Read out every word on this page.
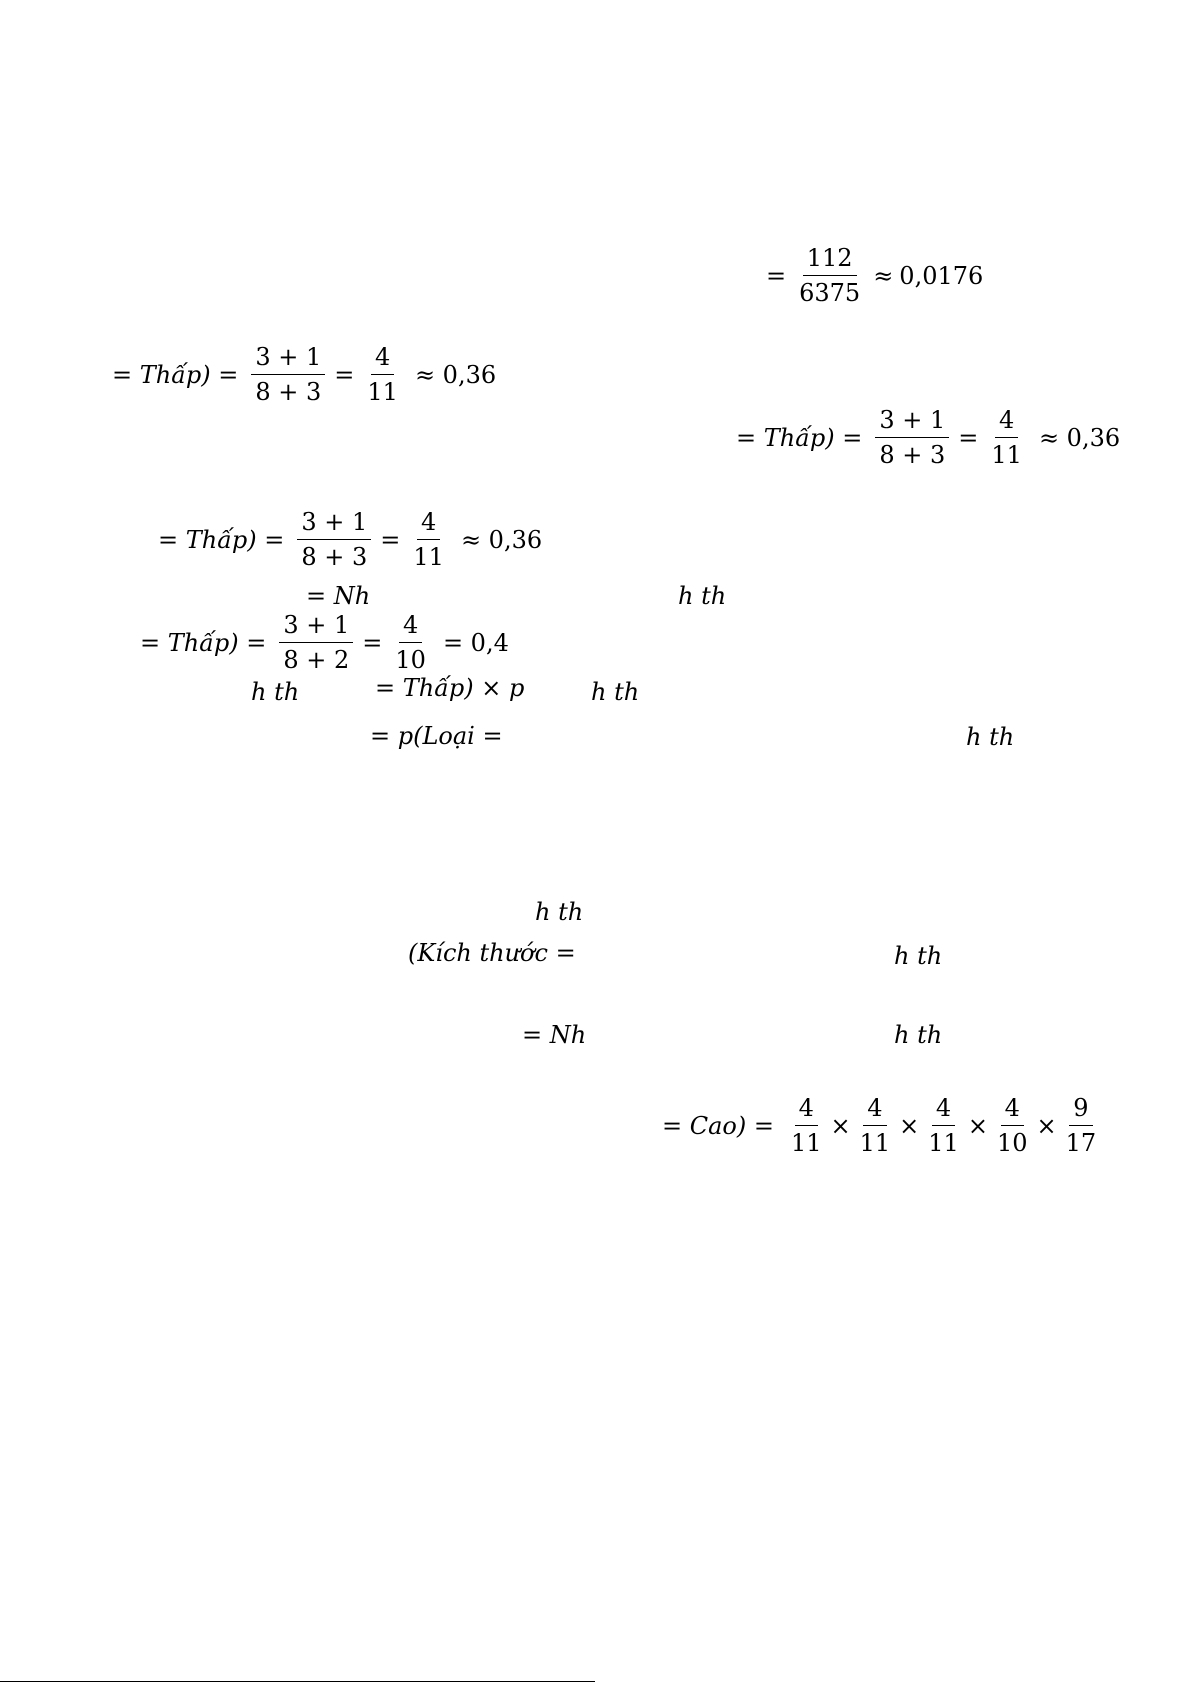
= $\frac{112}{6375} \approx 0,0176$
= Thấp) = $\frac{3 + 1}{8 + 3} = \frac{4}{11} \approx 0,36$
= Thấp) = $\frac{3 + 1}{8 + 3} = \frac{4}{11} \approx 0,36$
= Thấp) = $\frac{3 + 1}{8 + 3} = \frac{4}{11} \approx 0,36$
= Nh	h th
= Thấp) = $\frac{3 + 1}{8 + 2} = \frac{4}{10} = 0,4$
h th	= Thấp) × p	h th
= p(Loại =	h th
h th
(Kích thước =	h th
= Nh	h th
= $Cao) = \frac{4}{11} \times \frac{4}{11} \times \frac{4}{11} \times \frac{4}{10} \times \frac{9}{17}$
